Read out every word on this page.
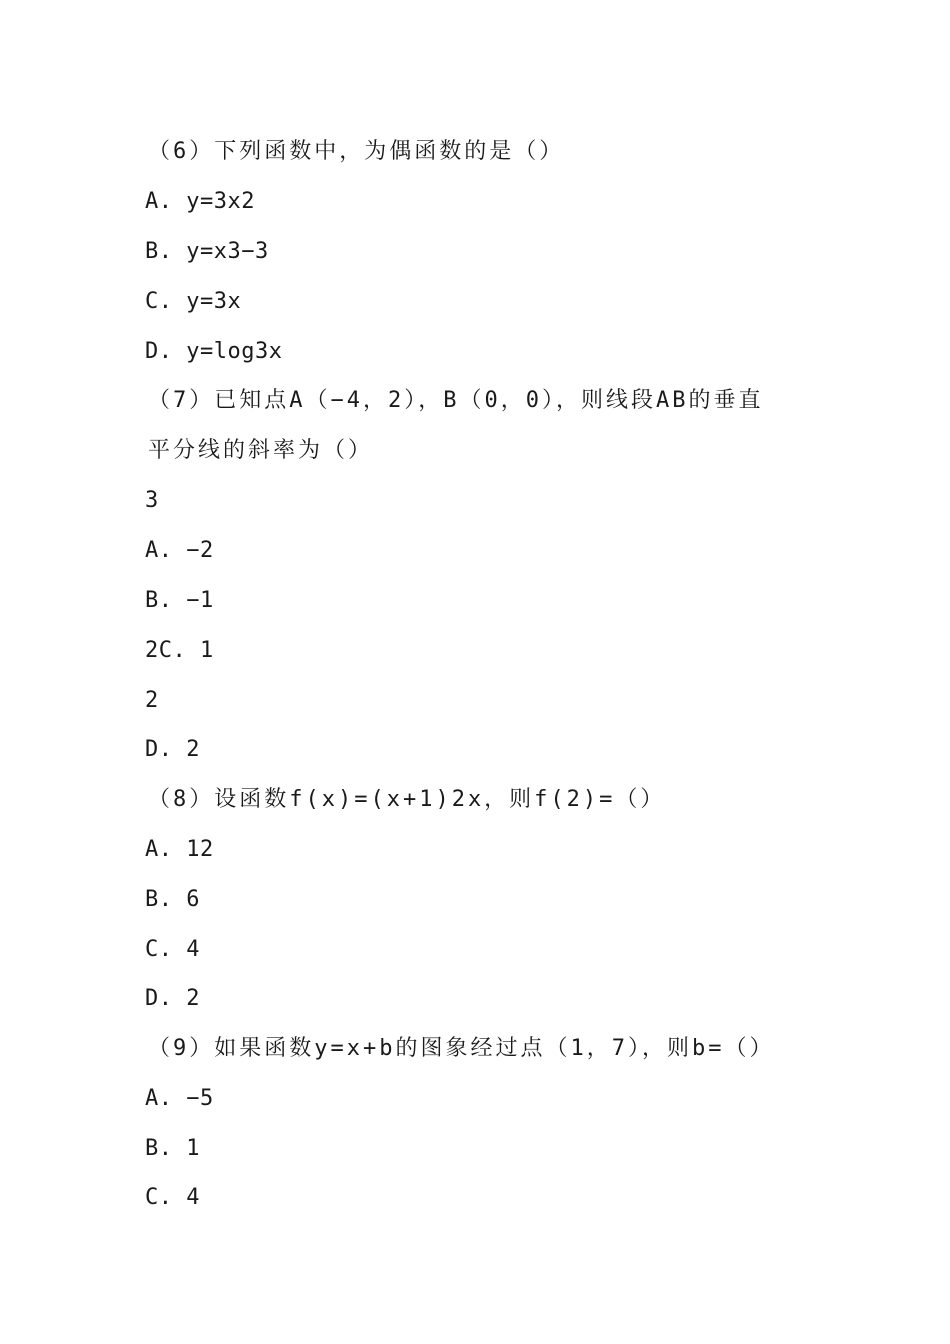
（6）下列函数中，为偶函数的是（）
A. y=3x2
B. y=x3−3
C. y=3x
D. y=log3x
（7）已知点A（−4，2），B（0，0），则线段AB的垂直
平分线的斜率为（）
3
A. −2
B. −1
2C. 1
2
D. 2
（8）设函数f(x)=(x+1)2x，则f(2)=（）
A. 12
B. 6
C. 4
D. 2
（9）如果函数y=x+b的图象经过点（1，7），则b=（）
A. −5
B. 1
C. 4
